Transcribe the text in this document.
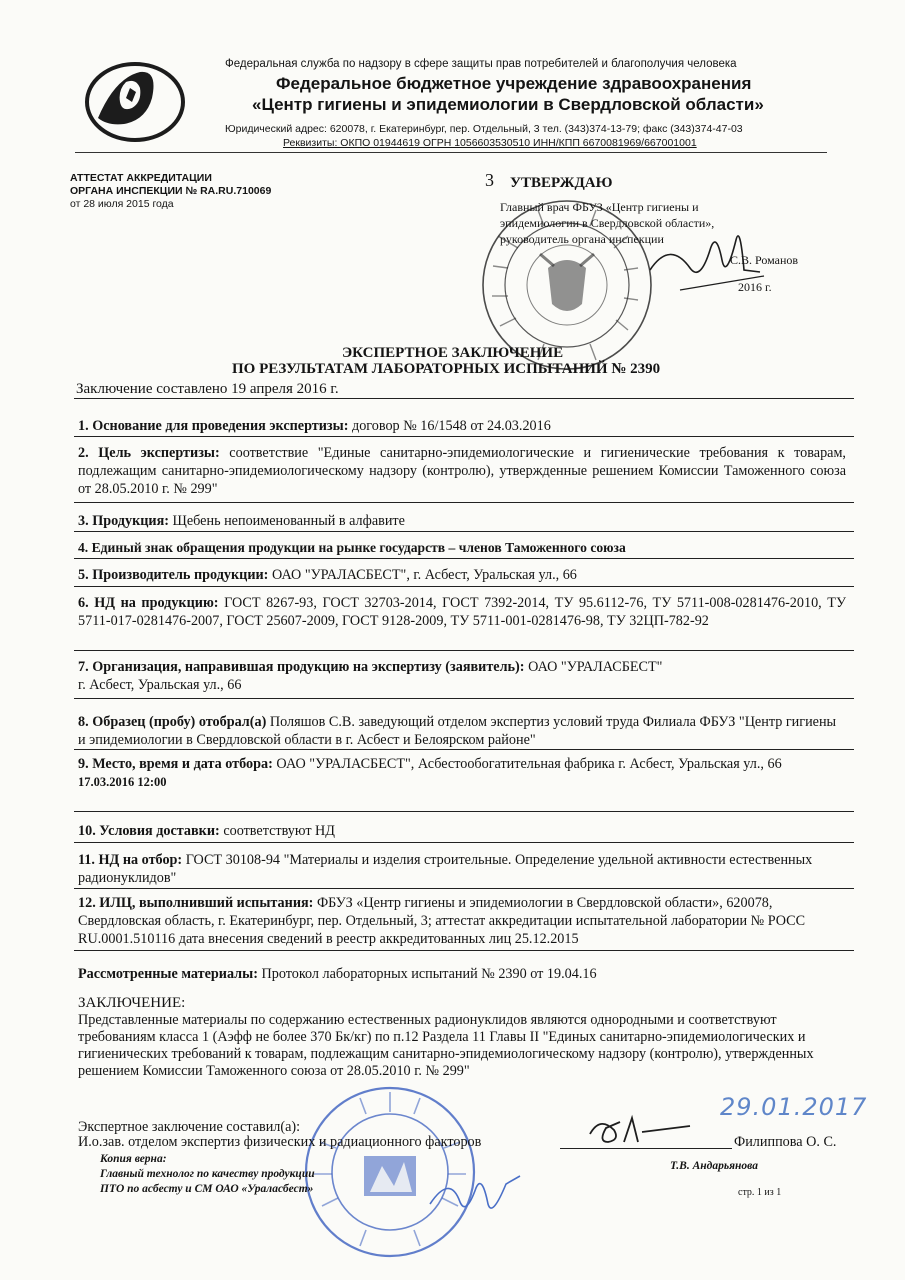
Федеральная служба по надзору в сфере защиты прав потребителей и благополучия человека
Федеральное бюджетное учреждение здравоохранения
«Центр гигиены и эпидемиологии в Свердловской области»
Юридический адрес: 620078, г. Екатеринбург, пер. Отдельный, 3 тел. (343)374-13-79; факс (343)374-47-03
Реквизиты: ОКПО 01944619 ОГРН 1056603530510 ИНН/КПП 6670081969/667001001
АТТЕСТАТ АККРЕДИТАЦИИ
ОРГАНА ИНСПЕКЦИИ № RA.RU.710069
от 28 июля 2015 года
3 УТВЕРЖДАЮ
Главный врач ФБУЗ «Центр гигиены и эпидемиологии в Свердловской области», руководитель органа инспекции
С.В. Романов
2016 г.
ЭКСПЕРТНОЕ ЗАКЛЮЧЕНИЕ
ПО РЕЗУЛЬТАТАМ ЛАБОРАТОРНЫХ ИСПЫТАНИЙ № 2390
Заключение составлено 19 апреля 2016 г.
1. Основание для проведения экспертизы: договор № 16/1548 от 24.03.2016
2. Цель экспертизы: соответствие "Единые санитарно-эпидемиологические и гигиенические требования к товарам, подлежащим санитарно-эпидемиологическому надзору (контролю), утвержденные решением Комиссии Таможенного союза от 28.05.2010 г. № 299"
3. Продукция: Щебень непоименованный в алфавите
4. Единый знак обращения продукции на рынке государств – членов Таможенного союза
5. Производитель продукции: ОАО "УРАЛАСБЕСТ", г. Асбест, Уральская ул., 66
6. НД на продукцию: ГОСТ 8267-93, ГОСТ 32703-2014, ГОСТ 7392-2014, ТУ 95.6112-76, ТУ 5711-008-0281476-2010, ТУ 5711-017-0281476-2007, ГОСТ 25607-2009, ГОСТ 9128-2009, ТУ 5711-001-0281476-98, ТУ 32ЦП-782-92
7. Организация, направившая продукцию на экспертизу (заявитель): ОАО "УРАЛАСБЕСТ"
г. Асбест, Уральская ул., 66
8. Образец (пробу) отобрал(а) Поляшов С.В. заведующий отделом экспертиз условий труда Филиала ФБУЗ "Центр гигиены и эпидемиологии в Свердловской области в г. Асбест и Белоярском районе"
9. Место, время и дата отбора: ОАО "УРАЛАСБЕСТ", Асбестообогатительная фабрика г. Асбест, Уральская ул., 66
17.03.2016 12:00
10. Условия доставки: соответствуют НД
11. НД на отбор: ГОСТ 30108-94 "Материалы и изделия строительные. Определение удельной активности естественных радионуклидов"
12. ИЛЦ, выполнивший испытания: ФБУЗ «Центр гигиены и эпидемиологии в Свердловской области», 620078, Свердловская область, г. Екатеринбург, пер. Отдельный, 3; аттестат аккредитации испытательной лаборатории № РОСС RU.0001.510116 дата внесения сведений в реестр аккредитованных лиц 25.12.2015
Рассмотренные материалы: Протокол лабораторных испытаний № 2390 от 19.04.16
ЗАКЛЮЧЕНИЕ:
Представленные материалы по содержанию естественных радионуклидов являются однородными и соответствуют требованиям класса 1 (Аэфф не более 370 Бк/кг) по п.12 Раздела 11 Главы II "Единых санитарно-эпидемиологических и гигиенических требований к товарам, подлежащим санитарно-эпидемиологическому надзору (контролю), утвержденных решением Комиссии Таможенного союза от 28.05.2010 г. № 299"
29.01.2017
Экспертное заключение составил(а):
И.о.зав. отделом экспертиз физических и радиационного факторов	Филиппова О. С.
Копия верна:
Главный технолог по качеству продукции
ПТО по асбесту и СМ ОАО «Ураласбест»
Т.В. Андарьянова
стр. 1 из 1
